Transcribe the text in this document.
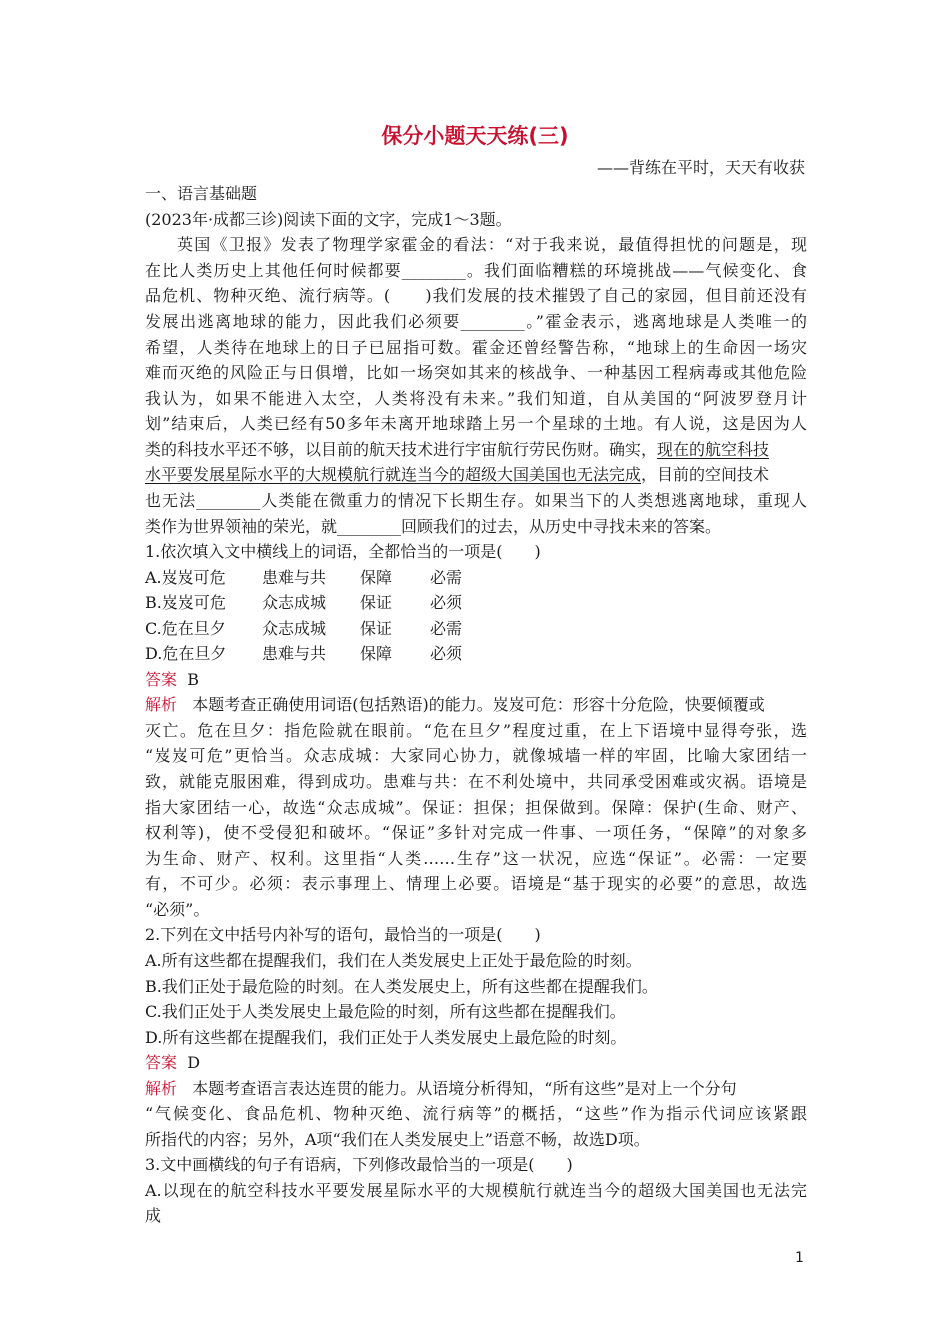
保分小题天天练(三)
——背练在平时，天天有收获
一、语言基础题
(2023年·成都三诊)阅读下面的文字，完成1～3题。
英国《卫报》发表了物理学家霍金的看法：“对于我来说，最值得担忧的问题是，现
在比人类历史上其他任何时候都要________。我们面临糟糕的环境挑战——气候变化、食
品危机、物种灭绝、流行病等。(　　)我们发展的技术摧毁了自己的家园，但目前还没有
发展出逃离地球的能力，因此我们必须要________。”霍金表示，逃离地球是人类唯一的
希望，人类待在地球上的日子已屈指可数。霍金还曾经警告称，“地球上的生命因一场灾
难而灭绝的风险正与日俱增，比如一场突如其来的核战争、一种基因工程病毒或其他危险
我认为，如果不能进入太空，人类将没有未来。”我们知道，自从美国的“阿波罗登月计
划”结束后，人类已经有50多年未离开地球踏上另一个星球的土地。有人说，这是因为人
类的科技水平还不够，以目前的航天技术进行宇宙航行劳民伤财。确实，现在的航空科技
水平要发展星际水平的大规模航行就连当今的超级大国美国也无法完成，目前的空间技术
也无法________人类能在微重力的情况下长期生存。如果当下的人类想逃离地球，重现人
类作为世界领袖的荣光，就________回顾我们的过去，从历史中寻找未来的答案。
1.依次填入文中横线上的词语，全都恰当的一项是(　　)
A.岌岌可危 患难与共 保障 必需
B.岌岌可危 众志成城 保证 必须
C.危在旦夕 众志成城 保证 必需
D.危在旦夕 患难与共 保障 必须
答案 B
解析 本题考查正确使用词语(包括熟语)的能力。岌岌可危：形容十分危险，快要倾覆或
灭亡。危在旦夕：指危险就在眼前。“危在旦夕”程度过重，在上下语境中显得夸张，选
“岌岌可危”更恰当。众志成城：大家同心协力，就像城墙一样的牢固，比喻大家团结一
致，就能克服困难，得到成功。患难与共：在不利处境中，共同承受困难或灾祸。语境是
指大家团结一心，故选“众志成城”。保证：担保；担保做到。保障：保护(生命、财产、
权利等)，使不受侵犯和破坏。“保证”多针对完成一件事、一项任务，“保障”的对象多
为生命、财产、权利。这里指“人类……生存”这一状况，应选“保证”。必需：一定要
有，不可少。必须：表示事理上、情理上必要。语境是“基于现实的必要”的意思，故选
“必须”。
2.下列在文中括号内补写的语句，最恰当的一项是(　　)
A.所有这些都在提醒我们，我们在人类发展史上正处于最危险的时刻。
B.我们正处于最危险的时刻。在人类发展史上，所有这些都在提醒我们。
C.我们正处于人类发展史上最危险的时刻，所有这些都在提醒我们。
D.所有这些都在提醒我们，我们正处于人类发展史上最危险的时刻。
答案 D
解析 本题考查语言表达连贯的能力。从语境分析得知，“所有这些”是对上一个分句
“气候变化、食品危机、物种灭绝、流行病等”的概括，“这些”作为指示代词应该紧跟
所指代的内容；另外，A项“我们在人类发展史上”语意不畅，故选D项。
3.文中画横线的句子有语病，下列修改最恰当的一项是(　　)
A.以现在的航空科技水平要发展星际水平的大规模航行就连当今的超级大国美国也无法完
成
1
